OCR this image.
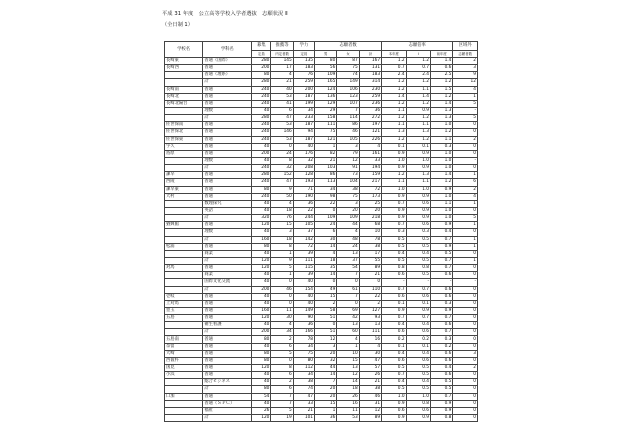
平成 31 年度　公立高等学校入学者選抜　志願状況 Ⅱ
（全日制 1）
学校名	学科名	募集	推薦等	学力	志願者数			志願倍率			区域外
		定員	内定者数	定員	男	女	計	本年度	Ⅰ	前年度	志願者数
長崎東	普通（国際）	280	145	135	80	87	167	1.2	1.2	1.4	2
長崎西	普通	200	17	183	56	75	131	0.7	0.7	0.6	3
	普通（理系）	80	4	76	109	74	183	2.4	2.4	2.5	9
	計	280	21	259	165	149	314	1.2	1.2	1.2	12
長崎南	普通	240	40	200	124	106	230	1.2	1.1	1.5	4
長崎北	普通	240	53	187	136	123	259	1.4	1.4	1.2	1
長崎北陽台	普通	240	41	199	129	107	236	1.2	1.2	1.4	5
	理数	40	6	34	29	7	36	1.1	0.9	1.3	-
	計	280	47	233	158	114	272	1.2	1.2	1.3	5
佐世保南	普通	240	53	187	111	86	197	1.1	1.1	1.0	0
佐世保北	普通	240	146	94	75	46	121	1.3	1.3	1.2	0
佐世保東	普通	240	53	187	121	105	226	1.2	1.2	1.1	2
字久	普通	40	0	40	1	3	4	0.1	0.1	0.3	0
島原	普通	200	24	176	82	79	161	0.9	0.9	1.0	0
	理数	40	8	32	21	12	33	1.0	1.0	1.0	-
	計	240	32	208	103	91	194	0.9	0.9	1.0	0
諫早	普通	280	152	128	86	73	159	1.2	1.3	1.4	1
西陵	普通	240	47	193	113	104	217	1.1	1.1	1.2	6
諫早東	普通	80	9	71	34	38	72	1.0	1.0	0.9	2
大村	普通	240	50	190	98	75	173	0.9	0.9	1.0	4
	数理探究	40	4	36	22	3	25	0.7	0.6	1.1	1
	英語	40	18	22	0	20	20	0.9	0.9	1.0	0
	計	320	76	244	109	109	218	0.9	0.9	1.0	5
猶興館	普通	120	15	105	24	44	68	0.7	0.6	0.9	1
	理数	40	3	37	6	4	10	0.3	0.3	0.4	0
	計	160	18	142	30	48	78	0.5	0.5	0.7	1
松浦	普通	80	8	72	14	24	38	0.5	0.5	0.9	1
	商業	40	1	39	4	13	17	0.4	0.4	0.5	0
	計	120	9	111	18	37	55	0.5	0.5	0.7	1
対馬	普通	120	5	115	35	54	89	0.8	0.8	0.7	0
	商業	40	1	39	14	7	21	0.6	0.5	0.6	0
	国際文化交流	40	0	40	0	0	0	-	-	-	-
	計	200	46	154	49	61	110	0.7	0.7	0.6	0
壱岐	普通	40	0	40	15	7	22	0.6	0.6	0.6	0
上対馬	普通	40	0	40	2	0	2	0.1	0.1	0.3	0
豊玉	普通	160	11	149	58	69	127	0.9	0.9	0.9	0
五島	普通	120	30	90	51	42	93	0.7	0.7	0.7	0
	衛生看護	40	4	36	0	13	13	0.4	0.4	0.6	0
	計	200	34	166	51	60	111	0.6	0.6	0.7	0
五島南	普通	80	2	78	12	4	16	0.2	0.2	0.3	0
奈留	普通	40	6	34	3	1	4	0.1	0.1	0.2	0
大崎	普通	80	5	75	20	10	30	0.4	0.4	0.6	3
西彼杵	普通	80	0	80	32	15	47	0.6	0.6	0.6	0
国見	普通	120	8	112	44	13	57	0.5	0.5	0.4	2
小浜	普通	40	6	34	14	12	26	0.7	0.5	0.6	0
	総合ビジネス	40	2	38	7	14	21	0.4	0.4	0.5	0
	計	80	6	74	20	18	38	0.5	0.5	0.5	0
口加	普通	54	7	47	20	26	46	1.0	1.0	0.7	0
	普通（ＳＰＣ）	40	7	33	15	16	31	0.9	0.8	0.9	0
	福祉	26	5	21	1	11	12	0.6	0.6	0.9	0
	計	120	19	101	36	53	89	0.9	0.9	0.8	0
